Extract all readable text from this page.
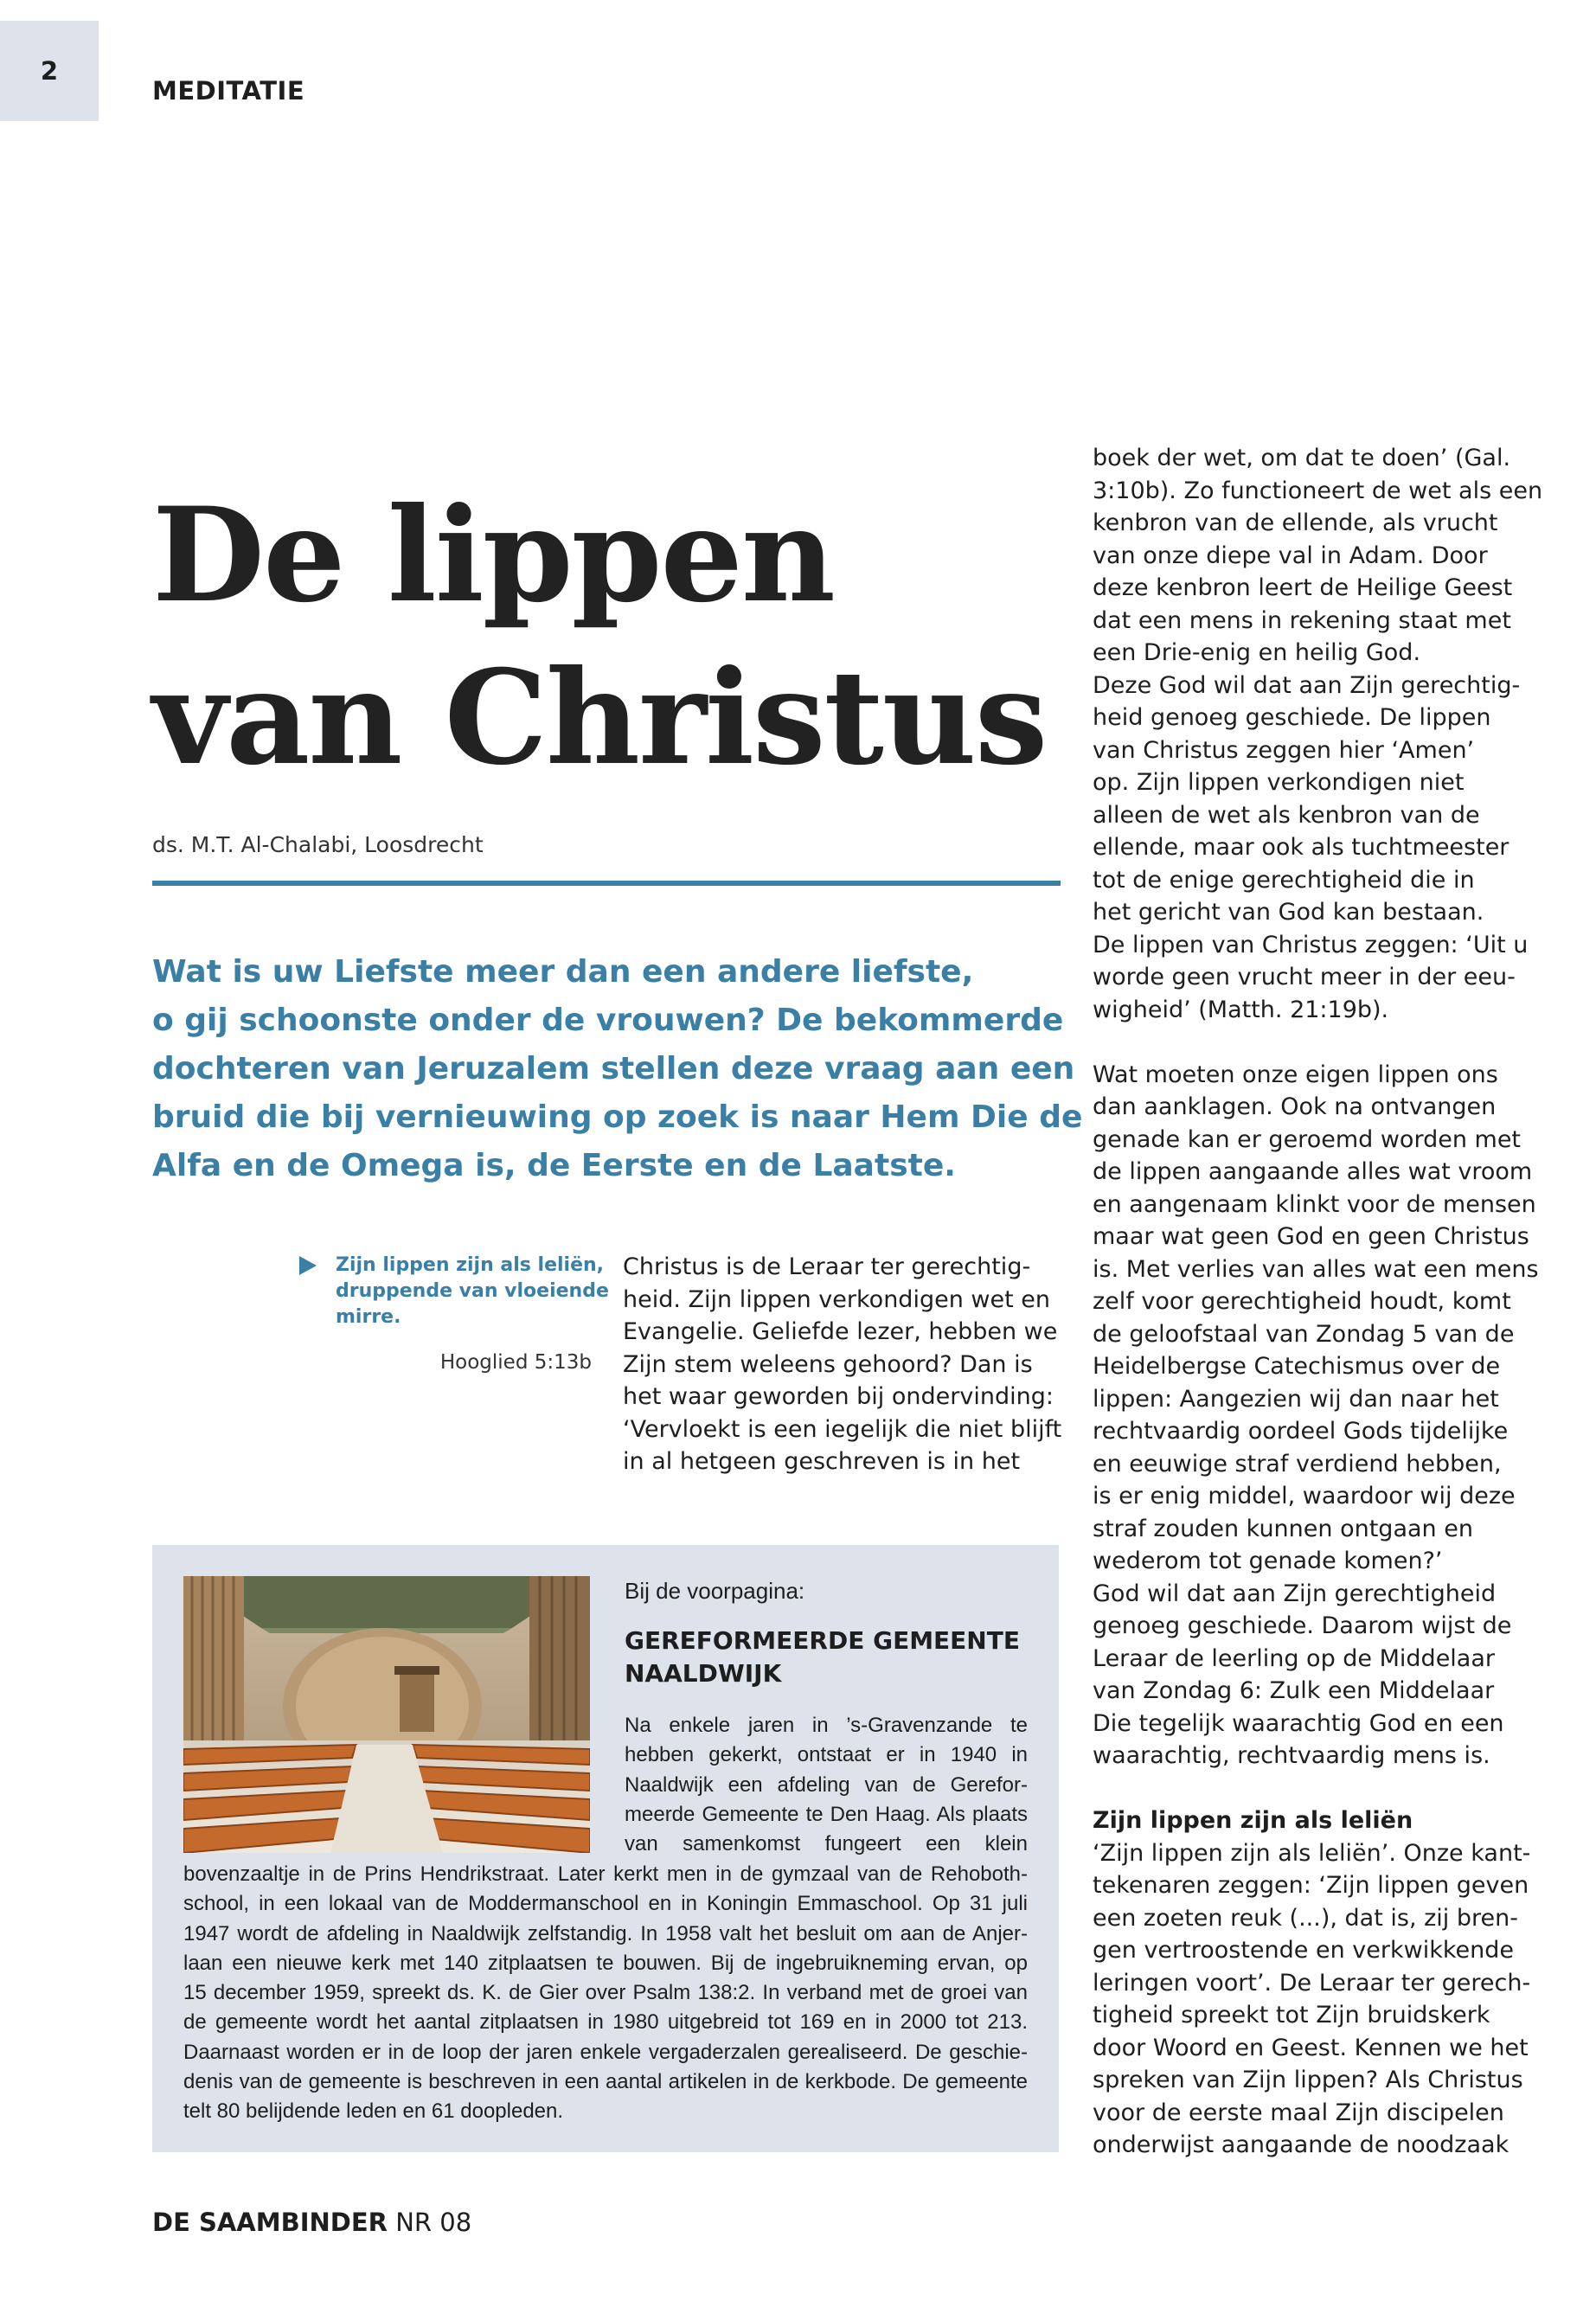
2
MEDITATIE
De lippen
van Christus
ds. M.T. Al-Chalabi, Loosdrecht
Wat is uw Liefste meer dan een andere liefste,
o gij schoonste onder de vrouwen? De bekommerde
dochteren van Jeruzalem stellen deze vraag aan een
bruid die bij vernieuwing op zoek is naar Hem Die de
Alfa en de Omega is, de Eerste en de Laatste.
Zijn lippen zijn als leliën,
druppende van vloeiende
mirre.
Hooglied 5:13b
Christus is de Leraar ter gerechtig-
heid. Zijn lippen verkondigen wet en
Evangelie. Geliefde lezer, hebben we
Zijn stem weleens gehoord? Dan is
het waar geworden bij ondervinding:
‘Vervloekt is een iegelijk die niet blijft
in al hetgeen geschreven is in het
boek der wet, om dat te doen’ (Gal.
3:10b). Zo functioneert de wet als een
kenbron van de ellende, als vrucht
van onze diepe val in Adam. Door
deze kenbron leert de Heilige Geest
dat een mens in rekening staat met
een Drie-enig en heilig God.
Deze God wil dat aan Zijn gerechtig-
heid genoeg geschiede. De lippen
van Christus zeggen hier ‘Amen’
op. Zijn lippen verkondigen niet
alleen de wet als kenbron van de
ellende, maar ook als tuchtmeester
tot de enige gerechtigheid die in
het gericht van God kan bestaan.
De lippen van Christus zeggen: ‘Uit u
worde geen vrucht meer in der eeu-
wigheid’ (Matth. 21:19b).
Wat moeten onze eigen lippen ons
dan aanklagen. Ook na ontvangen
genade kan er geroemd worden met
de lippen aangaande alles wat vroom
en aangenaam klinkt voor de mensen
maar wat geen God en geen Christus
is. Met verlies van alles wat een mens
zelf voor gerechtigheid houdt, komt
de geloofstaal van Zondag 5 van de
Heidelbergse Catechismus over de
lippen: Aangezien wij dan naar het
rechtvaardig oordeel Gods tijdelijke
en eeuwige straf verdiend hebben,
is er enig middel, waardoor wij deze
straf zouden kunnen ontgaan en
wederom tot genade komen?’
God wil dat aan Zijn gerechtigheid
genoeg geschiede. Daarom wijst de
Leraar de leerling op de Middelaar
van Zondag 6: Zulk een Middelaar
Die tegelijk waarachtig God en een
waarachtig, rechtvaardig mens is.
Zijn lippen zijn als leliën
‘Zijn lippen zijn als leliën’. Onze kant-
tekenaren zeggen: ‘Zijn lippen geven
een zoeten reuk (...), dat is, zij bren-
gen vertroostende en verkwikkende
leringen voort’. De Leraar ter gerech-
tigheid spreekt tot Zijn bruidskerk
door Woord en Geest. Kennen we het
spreken van Zijn lippen? Als Christus
voor de eerste maal Zijn discipelen
onderwijst aangaande de noodzaak
Bij de voorpagina:
GEREFORMEERDE GEMEENTE
NAALDWIJK
Na enkele jaren in ’s-Gravenzande te
hebben gekerkt, ontstaat er in 1940 in
Naaldwijk een afdeling van de Gerefor-
meerde Gemeente te Den Haag. Als plaats
van samenkomst fungeert een klein
bovenzaaltje in de Prins Hendrikstraat. Later kerkt men in de gymzaal van de Rehoboth-
school, in een lokaal van de Moddermanschool en in Koningin Emmaschool. Op 31 juli
1947 wordt de afdeling in Naaldwijk zelfstandig. In 1958 valt het besluit om aan de Anjer-
laan een nieuwe kerk met 140 zitplaatsen te bouwen. Bij de ingebruikneming ervan, op
15 december 1959, spreekt ds. K. de Gier over Psalm 138:2. In verband met de groei van
de gemeente wordt het aantal zitplaatsen in 1980 uitgebreid tot 169 en in 2000 tot 213.
Daarnaast worden er in de loop der jaren enkele vergaderzalen gerealiseerd. De geschie-
denis van de gemeente is beschreven in een aantal artikelen in de kerkbode. De gemeente
telt 80 belijdende leden en 61 doopleden.
DE SAAMBINDER NR 08
